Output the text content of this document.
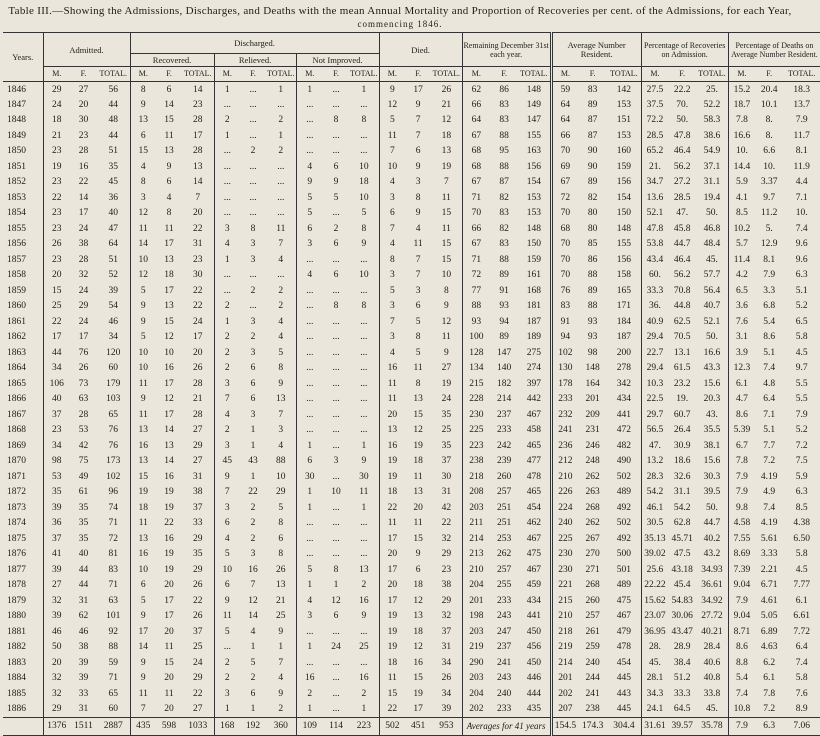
Table III.—Showing the Admissions, Discharges, and Deaths with the mean Annual Mortality and Proportion of Recoveries per cent. of the Admissions, for each Year,
commencing 1846.
Years.	Admitted.			Discharged.									Died.			Remaining December 31st each year.			Average Number Resident.			Percentage of Recoveries on Admission.			Percentage of Deaths on Average Number Resident.		
				Recovered.			Relieved.			Not Improved.																	

	M.	F.	TOTAL.	M.	F.	TOTAL.	M.	F.	TOTAL.	M.	F.	TOTAL.	M.	F.	TOTAL.	M.	F.	TOTAL.	M.	F.	TOTAL.	M.	F.	TOTAL.	M.	F.	TOTAL.
1846	29	27	56	8	6	14	1	...	1	1	...	1	9	17	26	62	86	148	59	83	142	27.5	22.2	25.	15.2	20.4	18.3
1847	24	20	44	9	14	23	...	...	...	...	...	...	12	9	21	66	83	149	64	89	153	37.5	70.	52.2	18.7	10.1	13.7
1848	18	30	48	13	15	28	2	...	2	...	8	8	5	7	12	64	83	147	64	87	151	72.2	50.	58.3	7.8	8.	7.9
1849	21	23	44	6	11	17	1	...	1	...	...	...	11	7	18	67	88	155	66	87	153	28.5	47.8	38.6	16.6	8.	11.7
1850	23	28	51	15	13	28	...	2	2	...	...	...	7	6	13	68	95	163	70	90	160	65.2	46.4	54.9	10.	6.6	8.1
1851	19	16	35	4	9	13	...	...	...	4	6	10	10	9	19	68	88	156	69	90	159	21.	56.2	37.1	14.4	10.	11.9
1852	23	22	45	8	6	14	...	...	...	9	9	18	4	3	7	67	87	154	67	89	156	34.7	27.2	31.1	5.9	3.37	4.4
1853	22	14	36	3	4	7	...	...	...	5	5	10	3	8	11	71	82	153	72	82	154	13.6	28.5	19.4	4.1	9.7	7.1
1854	23	17	40	12	8	20	...	...	...	5	...	5	6	9	15	70	83	153	70	80	150	52.1	47.	50.	8.5	11.2	10.
1855	23	24	47	11	11	22	3	8	11	6	2	8	7	4	11	66	82	148	68	80	148	47.8	45.8	46.8	10.2	5.	7.4
1856	26	38	64	14	17	31	4	3	7	3	6	9	4	11	15	67	83	150	70	85	155	53.8	44.7	48.4	5.7	12.9	9.6
1857	23	28	51	10	13	23	1	3	4	...	...	...	8	7	15	71	88	159	70	86	156	43.4	46.4	45.	11.4	8.1	9.6
1858	20	32	52	12	18	30	...	...	...	4	6	10	3	7	10	72	89	161	70	88	158	60.	56.2	57.7	4.2	7.9	6.3
1859	15	24	39	5	17	22	...	2	2	...	...	...	5	3	8	77	91	168	76	89	165	33.3	70.8	56.4	6.5	3.3	5.1
1860	25	29	54	9	13	22	2	...	2	...	8	8	3	6	9	88	93	181	83	88	171	36.	44.8	40.7	3.6	6.8	5.2
1861	22	24	46	9	15	24	1	3	4	...	...	...	7	5	12	93	94	187	91	93	184	40.9	62.5	52.1	7.6	5.4	6.5
1862	17	17	34	5	12	17	2	2	4	...	...	...	3	8	11	100	89	189	94	93	187	29.4	70.5	50.	3.1	8.6	5.8
1863	44	76	120	10	10	20	2	3	5	...	...	...	4	5	9	128	147	275	102	98	200	22.7	13.1	16.6	3.9	5.1	4.5
1864	34	26	60	10	16	26	2	6	8	...	...	...	16	11	27	134	140	274	130	148	278	29.4	61.5	43.3	12.3	7.4	9.7
1865	106	73	179	11	17	28	3	6	9	...	...	...	11	8	19	215	182	397	178	164	342	10.3	23.2	15.6	6.1	4.8	5.5
1866	40	63	103	9	12	21	7	6	13	...	...	...	11	13	24	228	214	442	233	201	434	22.5	19.	20.3	4.7	6.4	5.5
1867	37	28	65	11	17	28	4	3	7	...	...	...	20	15	35	230	237	467	232	209	441	29.7	60.7	43.	8.6	7.1	7.9
1868	23	53	76	13	14	27	2	1	3	...	...	...	13	12	25	225	233	458	241	231	472	56.5	26.4	35.5	5.39	5.1	5.2
1869	34	42	76	16	13	29	3	1	4	1	...	1	16	19	35	223	242	465	236	246	482	47.	30.9	38.1	6.7	7.7	7.2
1870	98	75	173	13	14	27	45	43	88	6	3	9	19	18	37	238	239	477	212	248	490	13.2	18.6	15.6	7.8	7.2	7.5
1871	53	49	102	15	16	31	9	1	10	30	...	30	19	11	30	218	260	478	210	262	502	28.3	32.6	30.3	7.9	4.19	5.9
1872	35	61	96	19	19	38	7	22	29	1	10	11	18	13	31	208	257	465	226	263	489	54.2	31.1	39.5	7.9	4.9	6.3
1873	39	35	74	18	19	37	3	2	5	1	...	1	22	20	42	203	251	454	224	268	492	46.1	54.2	50.	9.8	7.4	8.5
1874	36	35	71	11	22	33	6	2	8	...	...	...	11	11	22	211	251	462	240	262	502	30.5	62.8	44.7	4.58	4.19	4.38
1875	37	35	72	13	16	29	4	2	6	...	...	...	17	15	32	214	253	467	225	267	492	35.13	45.71	40.2	7.55	5.61	6.50
1876	41	40	81	16	19	35	5	3	8	...	...	...	20	9	29	213	262	475	230	270	500	39.02	47.5	43.2	8.69	3.33	5.8
1877	39	44	83	10	19	29	10	16	26	5	8	13	17	6	23	210	257	467	230	271	501	25.6	43.18	34.93	7.39	2.21	4.5
1878	27	44	71	6	20	26	6	7	13	1	1	2	20	18	38	204	255	459	221	268	489	22.22	45.4	36.61	9.04	6.71	7.77
1879	32	31	63	5	17	22	9	12	21	4	12	16	17	12	29	201	233	434	215	260	475	15.62	54.83	34.92	7.9	4.61	6.1
1880	39	62	101	9	17	26	11	14	25	3	6	9	19	13	32	198	243	441	210	257	467	23.07	30.06	27.72	9.04	5.05	6.61
1881	46	46	92	17	20	37	5	4	9	...	...	...	19	18	37	203	247	450	218	261	479	36.95	43.47	40.21	8.71	6.89	7.72
1882	50	38	88	14	11	25	...	1	1	1	24	25	19	12	31	219	237	456	219	259	478	28.	28.9	28.4	8.6	4.63	6.4
1883	20	39	59	9	15	24	2	5	7	...	...	...	18	16	34	290	241	450	214	240	454	45.	38.4	40.6	8.8	6.2	7.4
1884	32	39	71	9	20	29	2	2	4	16	...	16	11	15	26	203	243	446	201	244	445	28.1	51.2	40.8	5.4	6.1	5.8
1885	32	33	65	11	11	22	3	6	9	2	...	2	15	19	34	204	240	444	202	241	443	34.3	33.3	33.8	7.4	7.8	7.6
1886	29	31	60	7	20	27	1	1	2	1	...	1	22	17	39	202	233	435	207	238	445	24.1	64.5	45.	10.8	7.2	8.9
	1376	1511	2887	435	598	1033	168	192	360	109	114	223	502	451	953	Averages for 41 years			154.5	174.3	304.4	31.61	39.57	35.78	7.9	6.3	7.06
